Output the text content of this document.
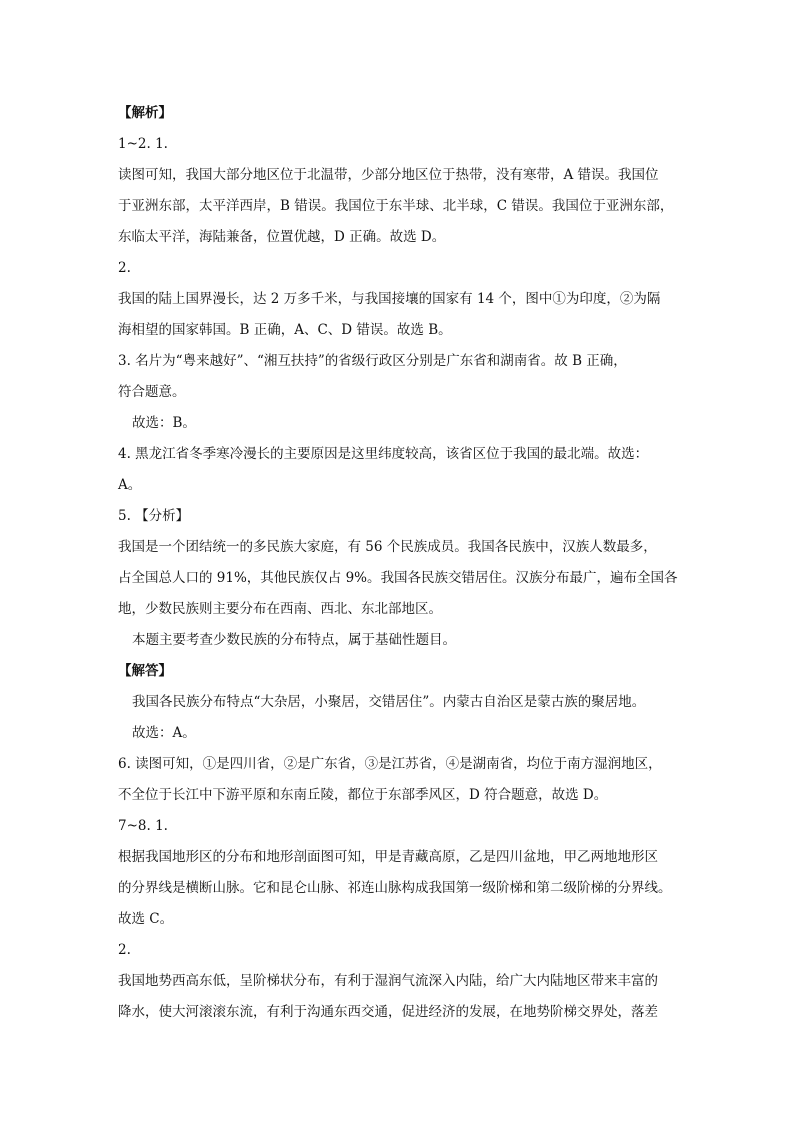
【解析】
1~2. 1.
读图可知，我国大部分地区位于北温带，少部分地区位于热带，没有寒带，A 错误。我国位
于亚洲东部，太平洋西岸，B 错误。我国位于东半球、北半球，C 错误。我国位于亚洲东部，
东临太平洋，海陆兼备，位置优越，D 正确。故选 D。
2.
我国的陆上国界漫长，达 2 万多千米，与我国接壤的国家有 14 个，图中①为印度，②为隔
海相望的国家韩国。B 正确，A、C、D 错误。故选 B。
3. 名片为“粤来越好”、“湘互扶持”的省级行政区分别是广东省和湖南省。故 B 正确，
符合题意。
故选：B。
4. 黑龙江省冬季寒冷漫长的主要原因是这里纬度较高，该省区位于我国的最北端。故选：
A。
5. 【分析】
我国是一个团结统一的多民族大家庭，有 56 个民族成员。我国各民族中，汉族人数最多，
占全国总人口的 91%，其他民族仅占 9%。我国各民族交错居住。汉族分布最广，遍布全国各
地，少数民族则主要分布在西南、西北、东北部地区。
本题主要考查少数民族的分布特点，属于基础性题目。
【解答】
我国各民族分布特点“大杂居，小聚居，交错居住”。内蒙古自治区是蒙古族的聚居地。
故选：A。
6. 读图可知，①是四川省，②是广东省，③是江苏省，④是湖南省，均位于南方湿润地区，
不全位于长江中下游平原和东南丘陵，都位于东部季风区，D 符合题意，故选 D。
7~8. 1.
根据我国地形区的分布和地形剖面图可知，甲是青藏高原，乙是四川盆地，甲乙两地地形区
的分界线是横断山脉。它和昆仑山脉、祁连山脉构成我国第一级阶梯和第二级阶梯的分界线。
故选 C。
2.
我国地势西高东低，呈阶梯状分布，有利于湿润气流深入内陆，给广大内陆地区带来丰富的
降水，使大河滚滚东流，有利于沟通东西交通，促进经济的发展，在地势阶梯交界处，落差
